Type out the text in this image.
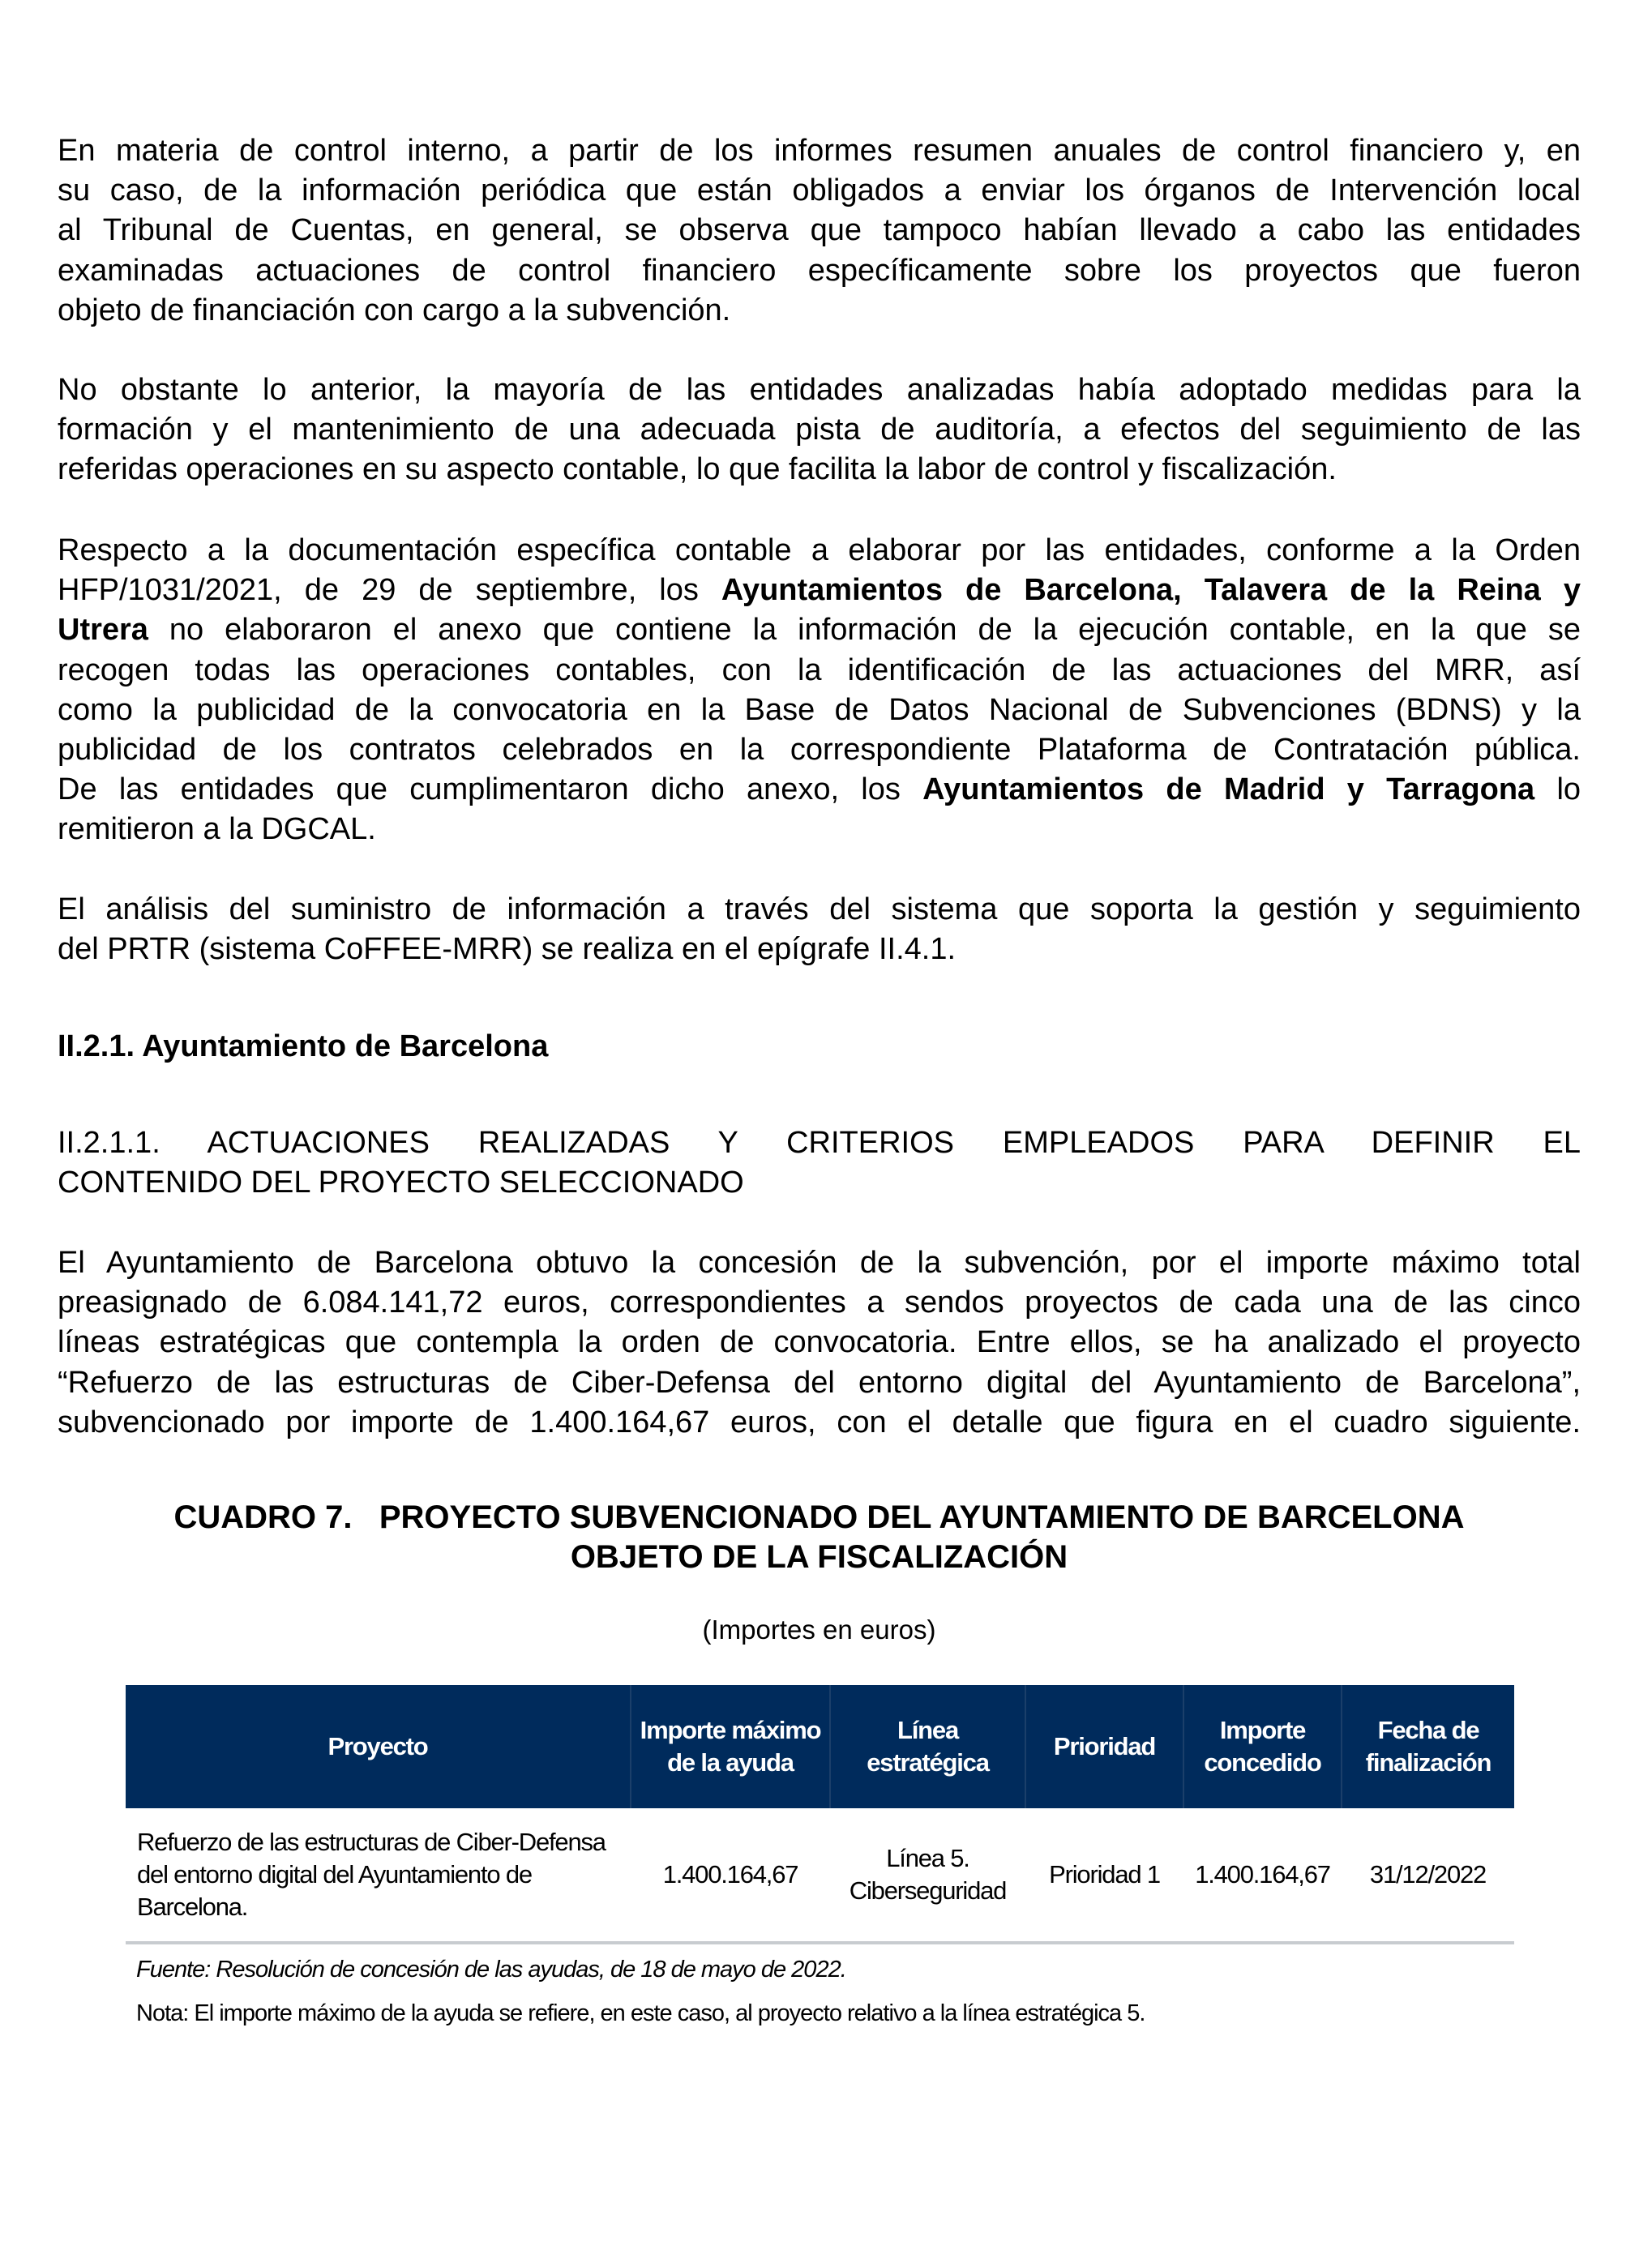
En materia de control interno, a partir de los informes resumen anuales de control financiero y, en
su caso, de la información periódica que están obligados a enviar los órganos de Intervención local
al Tribunal de Cuentas, en general, se observa que tampoco habían llevado a cabo las entidades
examinadas actuaciones de control financiero específicamente sobre los proyectos que fueron
objeto de financiación con cargo a la subvención.
No obstante lo anterior, la mayoría de las entidades analizadas había adoptado medidas para la
formación y el mantenimiento de una adecuada pista de auditoría, a efectos del seguimiento de las
referidas operaciones en su aspecto contable, lo que facilita la labor de control y fiscalización.
Respecto a la documentación específica contable a elaborar por las entidades, conforme a la Orden
HFP/1031/2021, de 29 de septiembre, los Ayuntamientos de Barcelona, Talavera de la Reina y
Utrera no elaboraron el anexo que contiene la información de la ejecución contable, en la que se
recogen todas las operaciones contables, con la identificación de las actuaciones del MRR, así
como la publicidad de la convocatoria en la Base de Datos Nacional de Subvenciones (BDNS) y la
publicidad de los contratos celebrados en la correspondiente Plataforma de Contratación pública.
De las entidades que cumplimentaron dicho anexo, los Ayuntamientos de Madrid y Tarragona lo
remitieron a la DGCAL.
El análisis del suministro de información a través del sistema que soporta la gestión y seguimiento
del PRTR (sistema CoFFEE-MRR) se realiza en el epígrafe II.4.1.
II.2.1. Ayuntamiento de Barcelona
II.2.1.1. ACTUACIONES REALIZADAS Y CRITERIOS EMPLEADOS PARA DEFINIR EL
CONTENIDO DEL PROYECTO SELECCIONADO
El Ayuntamiento de Barcelona obtuvo la concesión de la subvención, por el importe máximo total
preasignado de 6.084.141,72 euros, correspondientes a sendos proyectos de cada una de las cinco
líneas estratégicas que contempla la orden de convocatoria. Entre ellos, se ha analizado el proyecto
“Refuerzo de las estructuras de Ciber-Defensa del entorno digital del Ayuntamiento de Barcelona”,
subvencionado por importe de 1.400.164,67 euros, con el detalle que figura en el cuadro siguiente.
CUADRO 7.   PROYECTO SUBVENCIONADO DEL AYUNTAMIENTO DE BARCELONA
OBJETO DE LA FISCALIZACIÓN
(Importes en euros)
Proyecto	Importe máximo de la ayuda	Línea estratégica	Prioridad	Importe concedido	Fecha de finalización
Refuerzo de las estructuras de Ciber-Defensa del entorno digital del Ayuntamiento de Barcelona.	1.400.164,67	Línea 5. Ciberseguridad	Prioridad 1	1.400.164,67	31/12/2022
Fuente: Resolución de concesión de las ayudas, de 18 de mayo de 2022.
Nota: El importe máximo de la ayuda se refiere, en este caso, al proyecto relativo a la línea estratégica 5.
